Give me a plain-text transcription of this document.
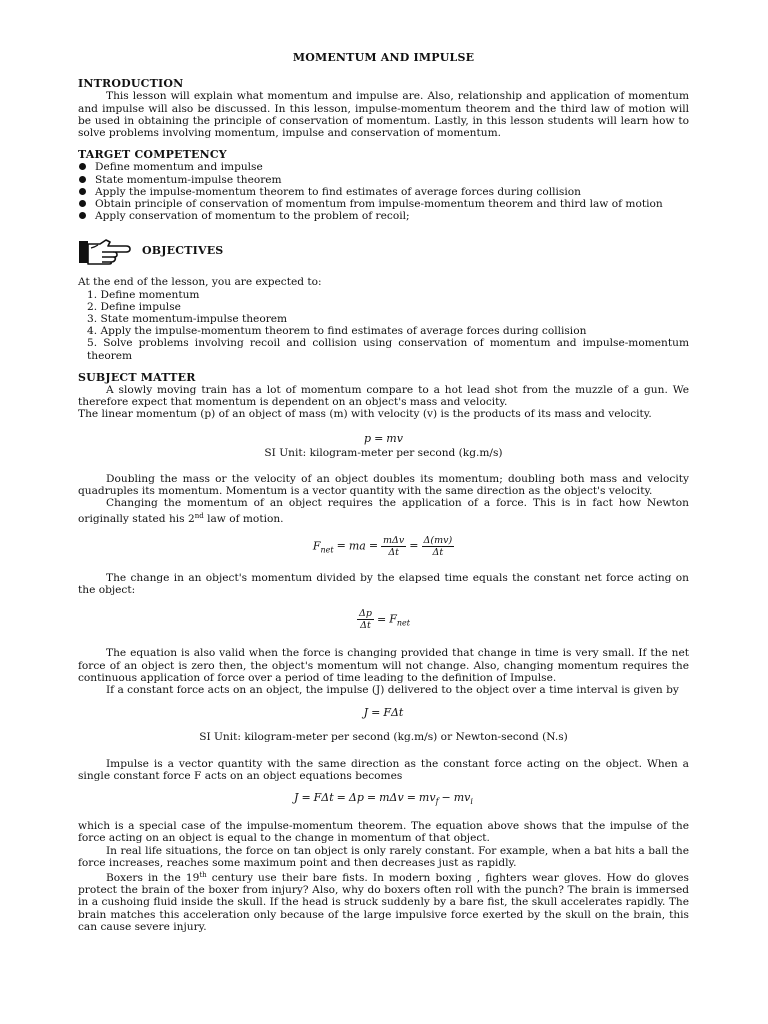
MOMENTUM AND IMPULSE
INTRODUCTION

This lesson will explain what momentum and impulse are. Also, relationship and application of momentum and impulse will also be discussed. In this lesson, impulse-momentum theorem and the third law of motion will be used in obtaining the principle of conservation of momentum. Lastly, in this lesson students will learn how to solve problems involving momentum, impulse and conservation of momentum.

TARGET COMPETENCY
Define momentum and impulse
State momentum-impulse theorem
Apply the impulse-momentum theorem to find estimates of average forces during collision
Obtain principle of conservation of momentum from impulse-momentum theorem and third law of motion
Apply conservation of momentum to the problem of recoil;
OBJECTIVES

At the end of the lesson, you are expected to:

1. Define momentum
2. Define impulse
3. State momentum-impulse theorem
4. Apply the impulse-momentum theorem to find estimates of average forces during collision
5. Solve problems involving recoil and collision using conservation of momentum and impulse-momentum theorem
SUBJECT MATTER

A slowly moving train has a lot of momentum compare to a hot lead shot from the muzzle of a gun. We therefore expect that momentum is dependent on an object's mass and velocity.

The linear momentum (p) of an object of mass (m) with velocity (v) is the products of its mass and velocity.

p = mv
SI Unit: kilogram-meter per second (kg.m/s)

Doubling the mass or the velocity of an object doubles its momentum; doubling both mass and velocity quadruples its momentum. Momentum is a vector quantity with the same direction as the object's velocity.

Changing the momentum of an object requires the application of a force. This is in fact how Newton originally stated his 2nd law of motion.

$F_{net}$ = ma = $\frac{\text{mΔv}}{\Delta t} = \frac{\Delta(mv)}{\Delta t}$

The change in an object's momentum divided by the elapsed time equals the constant net force acting on the object:

$\frac{\Delta p}{\Delta t} = F_{net}$

The equation is also valid when the force is changing provided that change in time is very small. If the net force of an object is zero then, the object's momentum will not change. Also, changing momentum requires the continuous application of force over a period of time leading to the definition of Impulse.

If a constant force acts on an object, the impulse (J) delivered to the object over a time interval is given by

J = FΔt
SI Unit: kilogram-meter per second (kg.m/s) or Newton-second (N.s)

Impulse is a vector quantity with the same direction as the constant force acting on the object. When a single constant force F acts on an object equations becomes

$J = F\Delta t = \Delta p = m\Delta v = mv_f - mv_i$

which is a special case of the impulse-momentum theorem. The equation above shows that the impulse of the force acting on an object is equal to the change in momentum of that object.

In real life situations, the force on tan object is only rarely constant. For example, when a bat hits a ball the force increases, reaches some maximum point and then decreases just as rapidly.

Boxers in the 19th century use their bare fists. In modern boxing , fighters wear gloves. How do gloves protect the brain of the boxer from injury? Also, why do boxers often roll with the punch? The brain is immersed in a cushoing fluid inside the skull. If the head is struck suddenly by a bare fist, the skull accelerates rapidly. The brain matches this acceleration only because of the large impulsive force exerted by the skull on the brain, this can cause severe injury.
